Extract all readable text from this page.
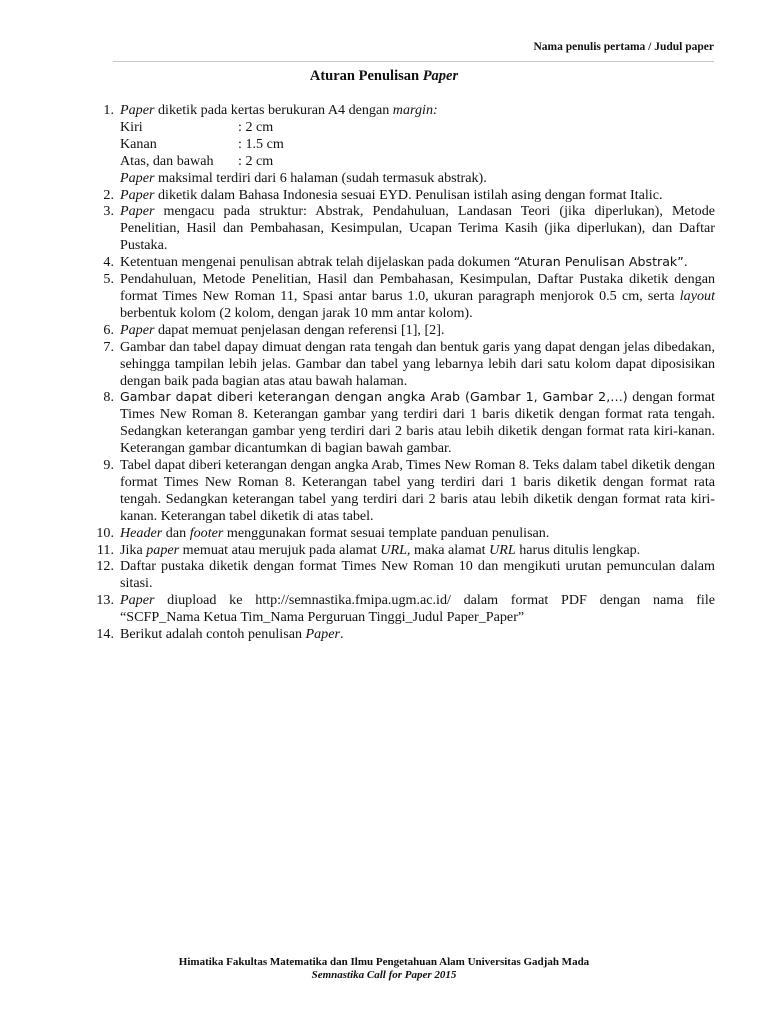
Nama penulis pertama / Judul paper
Aturan Penulisan Paper
1. Paper diketik pada kertas berukuran A4 dengan margin:
Kiri	: 2 cm
Kanan	: 1.5 cm
Atas, dan bawah	: 2 cm
Paper maksimal terdiri dari 6 halaman (sudah termasuk abstrak).
2. Paper diketik dalam Bahasa Indonesia sesuai EYD. Penulisan istilah asing dengan format Italic.
3. Paper mengacu pada struktur: Abstrak, Pendahuluan, Landasan Teori (jika diperlukan), Metode Penelitian, Hasil dan Pembahasan, Kesimpulan, Ucapan Terima Kasih (jika diperlukan), dan Daftar Pustaka.
4. Ketentuan mengenai penulisan abtrak telah dijelaskan pada dokumen “Aturan Penulisan Abstrak”.
5. Pendahuluan, Metode Penelitian, Hasil dan Pembahasan, Kesimpulan, Daftar Pustaka diketik dengan format Times New Roman 11, Spasi antar barus 1.0, ukuran paragraph menjorok 0.5 cm, serta layout berbentuk kolom (2 kolom, dengan jarak 10 mm antar kolom).
6. Paper dapat memuat penjelasan dengan referensi [1], [2].
7. Gambar dan tabel dapay dimuat dengan rata tengah dan bentuk garis yang dapat dengan jelas dibedakan, sehingga tampilan lebih jelas. Gambar dan tabel yang lebarnya lebih dari satu kolom dapat diposisikan dengan baik pada bagian atas atau bawah halaman.
8. Gambar dapat diberi keterangan dengan angka Arab (Gambar 1, Gambar 2,…) dengan format Times New Roman 8. Keterangan gambar yang terdiri dari 1 baris diketik dengan format rata tengah. Sedangkan keterangan gambar yeng terdiri dari 2 baris atau lebih diketik dengan format rata kiri-kanan. Keterangan gambar dicantumkan di bagian bawah gambar.
9. Tabel dapat diberi keterangan dengan angka Arab, Times New Roman 8. Teks dalam tabel diketik dengan format Times New Roman 8. Keterangan tabel yang terdiri dari 1 baris diketik dengan format rata tengah. Sedangkan keterangan tabel yang terdiri dari 2 baris atau lebih diketik dengan format rata kiri-kanan. Keterangan tabel diketik di atas tabel.
10. Header dan footer menggunakan format sesuai template panduan penulisan.
11. Jika paper memuat atau merujuk pada alamat URL, maka alamat URL harus ditulis lengkap.
12. Daftar pustaka diketik dengan format Times New Roman 10 dan mengikuti urutan pemunculan dalam sitasi.
13. Paper diupload ke http://semnastika.fmipa.ugm.ac.id/ dalam format PDF dengan nama file “SCFP_Nama Ketua Tim_Nama Perguruan Tinggi_Judul Paper_Paper”
14. Berikut adalah contoh penulisan Paper.
Himatika Fakultas Matematika dan Ilmu Pengetahuan Alam Universitas Gadjah Mada
Semnastika Call for Paper 2015
